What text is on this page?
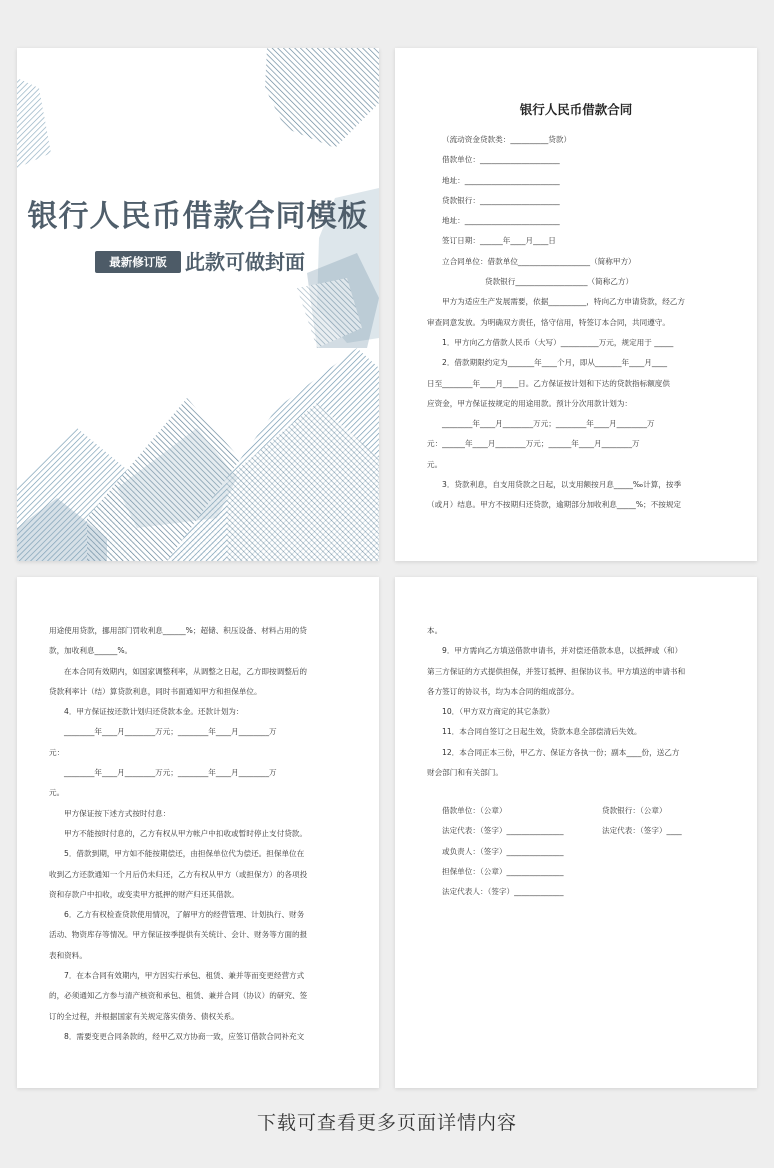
银行人民币借款合同模板
最新修订版 此款可做封面
银行人民币借款合同

（流动资金贷款类：__________贷款）

借款单位：_____________________

地址：_________________________

贷款银行：_____________________

地址：_________________________

签订日期：______年____月____日

立合同单位：借款单位___________________（简称甲方）

贷款银行___________________（简称乙方）

甲方为适应生产发展需要，依据__________，特向乙方申请贷款，经乙方

审查同意发放。为明确双方责任，恪守信用，特签订本合同，共同遵守。

1．甲方向乙方借款人民币（大写）__________万元，规定用于 _____

2．借款期限约定为_______年____个月，即从_______年____月____

日至________年____月____日。乙方保证按计划和下达的贷款指标额度供

应资金，甲方保证按规定的用途用款。预计分次用款计划为：

________年____月________万元；________年____月________万

元：______年____月________万元；______年____月________万

元。

3．贷款利息，自支用贷款之日起，以支用额按月息_____‰计算，按季

（或月）结息。甲方不按期归还贷款，逾期部分加收利息_____%；不按规定

用途使用贷款，挪用部门罚收利息______%；超储、积压设备、材料占用的贷

款，加收利息______%。

在本合同有效期内，如国家调整利率，从调整之日起，乙方即按调整后的

贷款利率计（结）算贷款利息，同时书面通知甲方和担保单位。

4．甲方保证按还款计划归还贷款本金。还款计划为：

________年____月________万元；________年____月________万

元：

________年____月________万元；________年____月________万

元。

甲方保证按下述方式按时付息：

甲方不能按时付息的，乙方有权从甲方帐户中扣收或暂时停止支付贷款。

5．借款到期，甲方如不能按期偿还，由担保单位代为偿还。担保单位在

收到乙方还款通知一个月后仍未归还，乙方有权从甲方（或担保方）的各项投

资和存款户中扣收，或变卖甲方抵押的财产归还其借款。

6．乙方有权检查贷款使用情况，了解甲方的经营管理、计划执行、财务

活动、物资库存等情况。甲方保证按季提供有关统计、会计、财务等方面的报

表和资料。

7．在本合同有效期内，甲方因实行承包、租赁、兼并等而变更经营方式

的，必须通知乙方参与清产核资和承包、租赁、兼并合同（协议）的研究、签

订的全过程，并根据国家有关规定落实债务、债权关系。

8．需要变更合同条款的，经甲乙双方协商一致，应签订借款合同补充文

本。

9．甲方需向乙方填送借款申请书，并对偿还借款本息，以抵押或（和）

第三方保证的方式提供担保，并签订抵押、担保协议书。甲方填送的申请书和

各方签订的协议书，均为本合同的组成部分。

10．（甲方双方商定的其它条款）

11．本合同自签订之日起生效，贷款本息全部偿清后失效。

12．本合同正本三份，甲乙方、保证方各执一份；副本____份，送乙方

财会部门和有关部门。

借款单位：（公章）	贷款银行：（公章）

法定代表：（签字）_______________	法定代表：（签字）____

或负责人：（签字）_______________

担保单位：（公章）_______________

法定代表人：（签字）_____________

下载可查看更多页面详情内容
